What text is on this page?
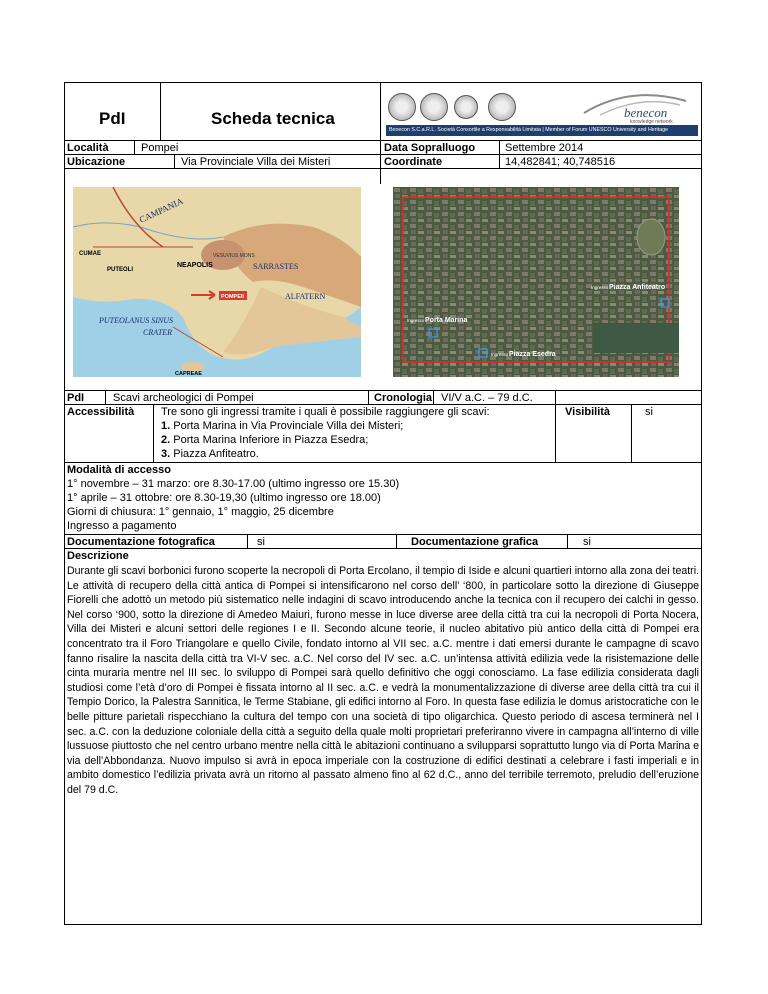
PdI	Scheda tecnica	benecon
knowledge network
Benecon S.C.a.R.L. Società Consortile a Responsabilità Limitata | Member of Forum UNESCO University and Heritage
Località	Pompei
Ubicazione	Via Provinciale Villa dei Misteri
Data Sopralluogo	Settembre 2014
Coordinate	14,482841; 40,748516
CAMPANIA
NEAPOLIS
PUTEOLI
CUMAE	VESUVIUS MONS
SARRASTES
ALFATERN
POMPEII
PUTEOLANUS SINUS
CRATER
CAPREAE
Ingresso Porta Marina
Ingresso Piazza Esedra
Ingresso Piazza Anfiteatro
PdI	Scavi archeologici di Pompei	Cronologia VI/V a.C. – 79 d.C.
Accessibilità Tre sono gli ingressi tramite i quali è possibile raggiungere gli scavi:
1. Porta Marina in Via Provinciale Villa dei Misteri;
2. Porta Marina Inferiore in Piazza Esedra;
3. Piazza Anfiteatro.
Visibilità	si
Modalità di accesso
1° novembre – 31 marzo: ore 8.30-17.00 (ultimo ingresso ore 15.30)
1° aprile – 31 ottobre: ore 8.30-19,30 (ultimo ingresso ore 18.00)
Giorni di chiusura: 1° gennaio, 1° maggio, 25 dicembre
Ingresso a pagamento
Documentazione fotografica	si	Documentazione grafica	si
Descrizione
Durante gli scavi borbonici furono scoperte la necropoli di Porta Ercolano, il tempio di Iside e alcuni quartieri intorno alla zona dei teatri. Le attività di recupero della città antica di Pompei si intensificarono nel corso dell’ ‘800, in particolare sotto la direzione di Giuseppe Fiorelli che adottò un metodo più sistematico nelle indagini di scavo introducendo anche la tecnica con il recupero dei calchi in gesso. Nel corso ‘900, sotto la direzione di Amedeo Maiuri, furono messe in luce diverse aree della città tra cui la necropoli di Porta Nocera, Villa dei Misteri e alcuni settori delle regiones I e II. Secondo alcune teorie, il nucleo abitativo più antico della città di Pompei era concentrato tra il Foro Triangolare e quello Civile, fondato intorno al VII sec. a.C. mentre i dati emersi durante le campagne di scavo fanno risalire la nascita della città tra VI-V sec. a.C. Nel corso del IV sec. a.C. un’intensa attività edilizia vede la risistemazione delle cinta muraria mentre nel III sec. lo sviluppo di Pompei sarà quello definitivo che oggi conosciamo. La fase edilizia considerata dagli studiosi come l’età d’oro di Pompei è fissata intorno al II sec. a.C. e vedrà la monumentalizzazione di diverse aree della città tra cui il Tempio Dorico, la Palestra Sannitica, le Terme Stabiane, gli edifici intorno al Foro. In questa fase edilizia le domus aristocratiche con le belle pitture parietali rispecchiano la cultura del tempo con una società di tipo oligarchica. Questo periodo di ascesa terminerà nel I sec. a.C. con la deduzione coloniale della città a seguito della quale molti proprietari preferiranno vivere in campagna all’interno di ville lussuose piuttosto che nel centro urbano mentre nella città le abitazioni continuano a svilupparsi soprattutto lungo via di Porta Marina e via dell’Abbondanza. Nuovo impulso si avrà in epoca imperiale con la costruzione di edifici destinati a celebrare i fasti imperiali e in ambito domestico l’edilizia privata avrà un ritorno al passato almeno fino al 62 d.C., anno del terribile terremoto, preludio dell’eruzione del 79 d.C.
